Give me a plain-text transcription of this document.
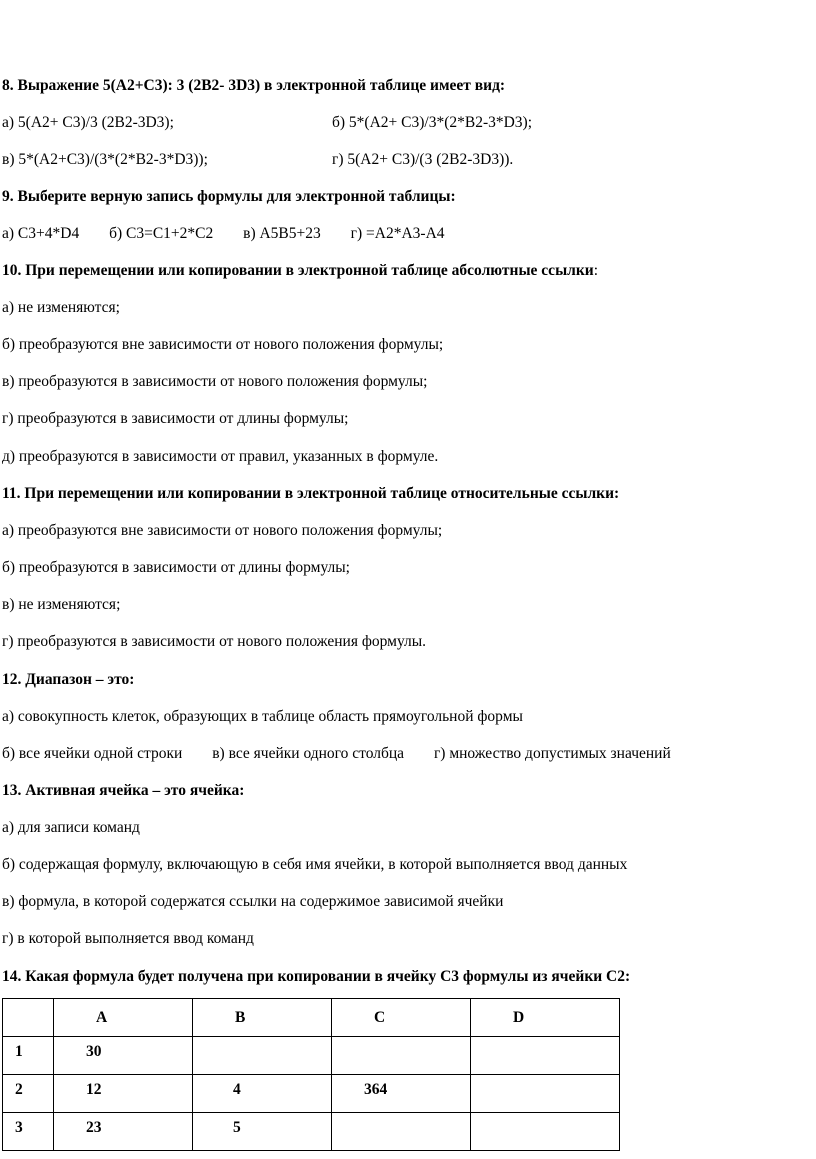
8. Выражение 5(А2+С3): 3 (2В2- 3D3) в электронной таблице имеет вид:
а) 5(А2+ С3)/3 (2В2-3D3);	б) 5*(А2+ С3)/3*(2*В2-3*D3);
в) 5*(А2+С3)/(3*(2*В2-3*D3));	г) 5(А2+ С3)/(3 (2В2-3D3)).
9. Выберите верную запись формулы для электронной таблицы:
а) C3+4*D4 б) C3=C1+2*C2 в) A5B5+23 г) =A2*A3-A4
10. При перемещении или копировании в электронной таблице абсолютные ссылки:
а) не изменяются;
б) преобразуются вне зависимости от нового положения формулы;
в) преобразуются в зависимости от нового положения формулы;
г) преобразуются в зависимости от длины формулы;
д) преобразуются в зависимости от правил, указанных в формуле.
11. При перемещении или копировании в электронной таблице относительные ссылки:
а) преобразуются вне зависимости от нового положения формулы;
б) преобразуются в зависимости от длины формулы;
в) не изменяются;
г) преобразуются в зависимости от нового положения формулы.
12. Диапазон – это:
а) совокупность клеток, образующих в таблице область прямоугольной формы
б) все ячейки одной строки в) все ячейки одного столбца г) множество допустимых значений
13. Активная ячейка – это ячейка:
а) для записи команд
б) содержащая формулу, включающую в себя имя ячейки, в которой выполняется ввод данных
в) формула, в которой содержатся ссылки на содержимое зависимой ячейки
г) в которой выполняется ввод команд
14. Какая формула будет получена при копировании в ячейку С3 формулы из ячейки С2:
	A	B	C	D
1	30			
2	12	4	364	
3	23	5		
